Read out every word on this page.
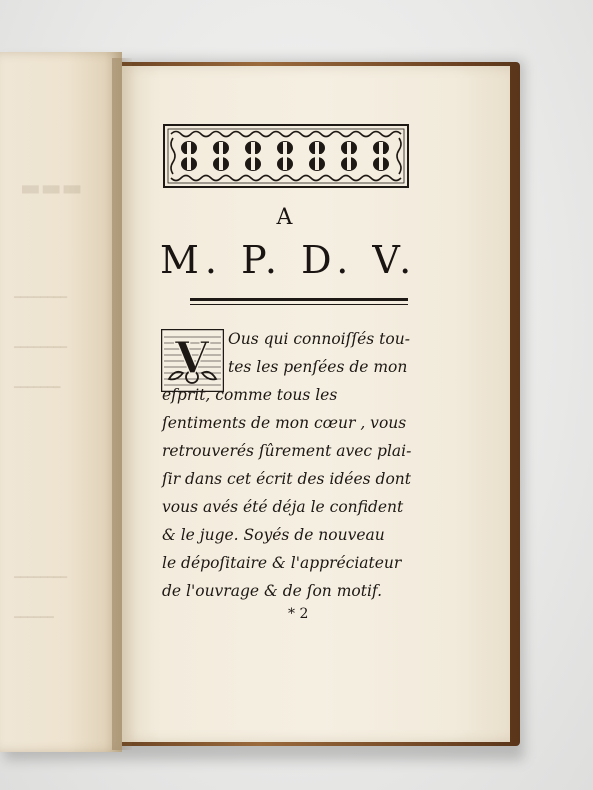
▬▬▬
━━━━━━━━
━━━━━━━━
━━━━━━━
━━━━━━━━
━━━━━━
A
M. P. D. V.
V Ous qui connoiſſés tou-
tes les penſées de mon
eſprit, comme tous les
ſentiments de mon cœur , vous
retrouverés ſûrement avec plai-
ſir dans cet écrit des idées dont
vous avés été déja le confident
& le juge. Soyés de nouveau
le dépoſitaire & l'appréciateur
de l'ouvrage & de ſon motif.
* 2
